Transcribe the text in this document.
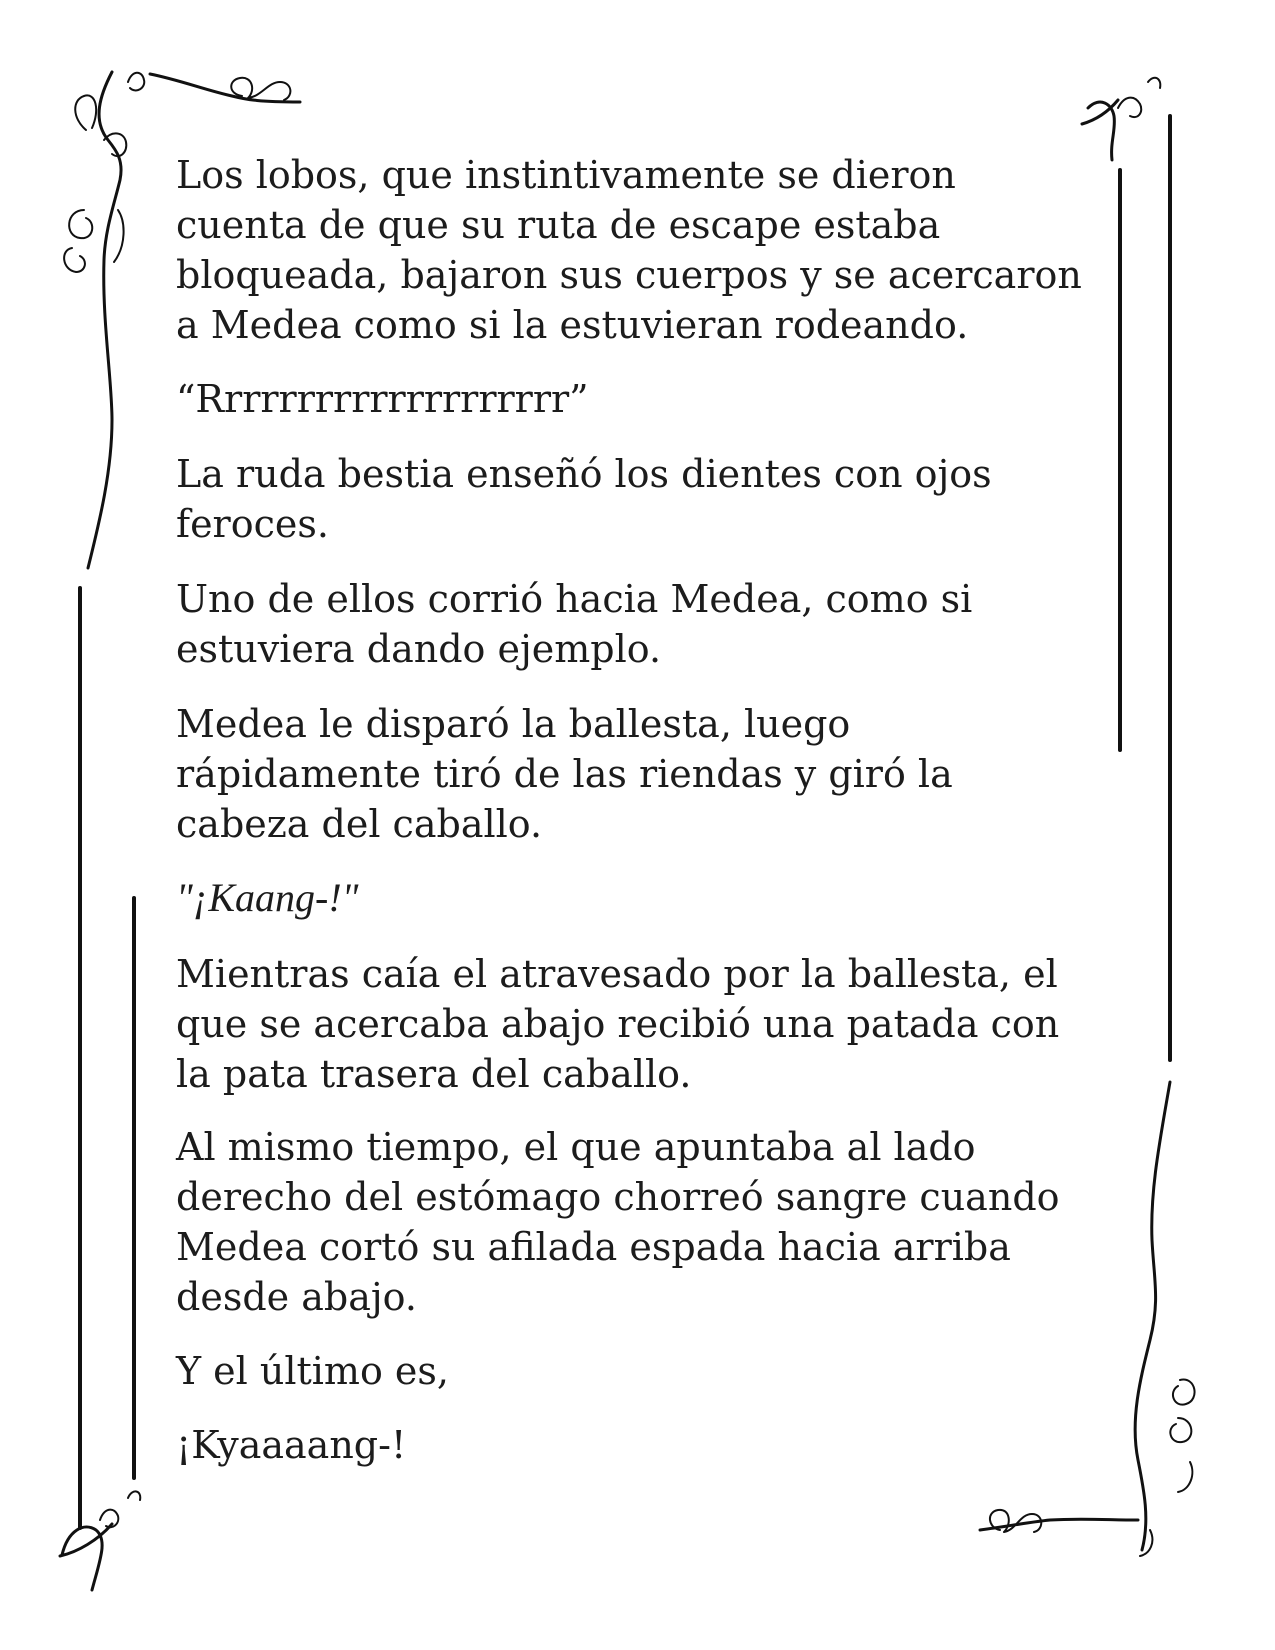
Los lobos, que instintivamente se dieron
cuenta de que su ruta de escape estaba
bloqueada, bajaron sus cuerpos y se acercaron
a Medea como si la estuvieran rodeando.

“Rrrrrrrrrrrrrrrrrrrr”

La ruda bestia enseñó los dientes con ojos
feroces.

Uno de ellos corrió hacia Medea, como si
estuviera dando ejemplo.

Medea le disparó la ballesta, luego
rápidamente tiró de las riendas y giró la
cabeza del caballo.

"¡Kaang-!"

Mientras caía el atravesado por la ballesta, el
que se acercaba abajo recibió una patada con
la pata trasera del caballo.

Al mismo tiempo, el que apuntaba al lado
derecho del estómago chorreó sangre cuando
Medea cortó su afilada espada hacia arriba
desde abajo.

Y el último es,

¡Kyaaaang-!
